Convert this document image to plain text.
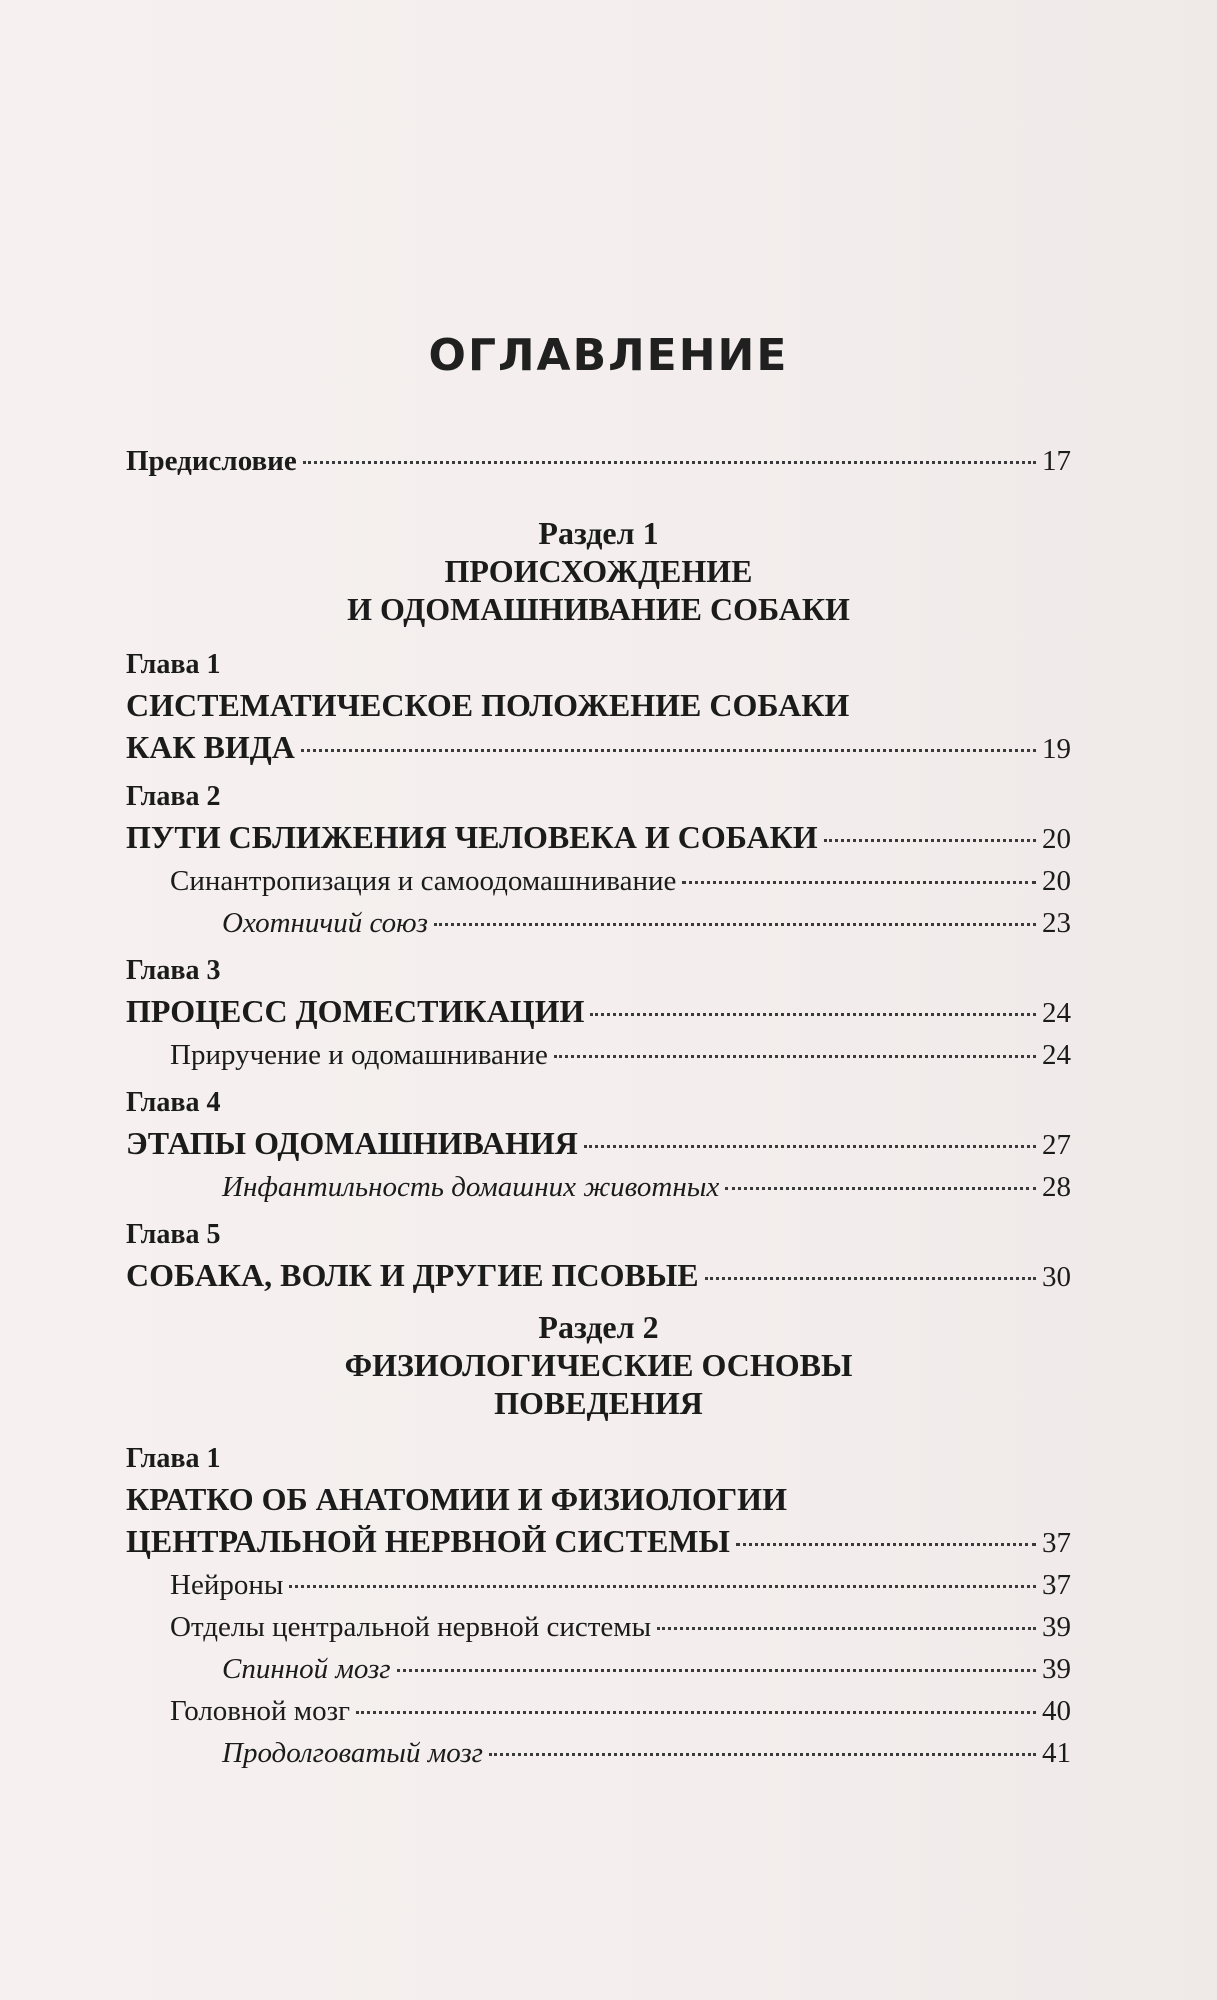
ОГЛАВЛЕНИЕ
Предисловие	17
Раздел 1
ПРОИСХОЖДЕНИЕ
И ОДОМАШНИВАНИЕ СОБАКИ
Глава 1
СИСТЕМАТИЧЕСКОЕ ПОЛОЖЕНИЕ СОБАКИ
КАК ВИДА	19
Глава 2
ПУТИ СБЛИЖЕНИЯ ЧЕЛОВЕКА И СОБАКИ	20
Синантропизация и самоодомашнивание	20
Охотничий союз	23
Глава 3
ПРОЦЕСС ДОМЕСТИКАЦИИ	24
Приручение и одомашнивание	24
Глава 4
ЭТАПЫ ОДОМАШНИВАНИЯ	27
Инфантильность домашних животных	28
Глава 5
СОБАКА, ВОЛК И ДРУГИЕ ПСОВЫЕ	30
Раздел 2
ФИЗИОЛОГИЧЕСКИЕ ОСНОВЫ
ПОВЕДЕНИЯ
Глава 1
КРАТКО ОБ АНАТОМИИ И ФИЗИОЛОГИИ
ЦЕНТРАЛЬНОЙ НЕРВНОЙ СИСТЕМЫ	37
Нейроны	37
Отделы центральной нервной системы	39
Спинной мозг	39
Головной мозг	40
Продолговатый мозг	41
